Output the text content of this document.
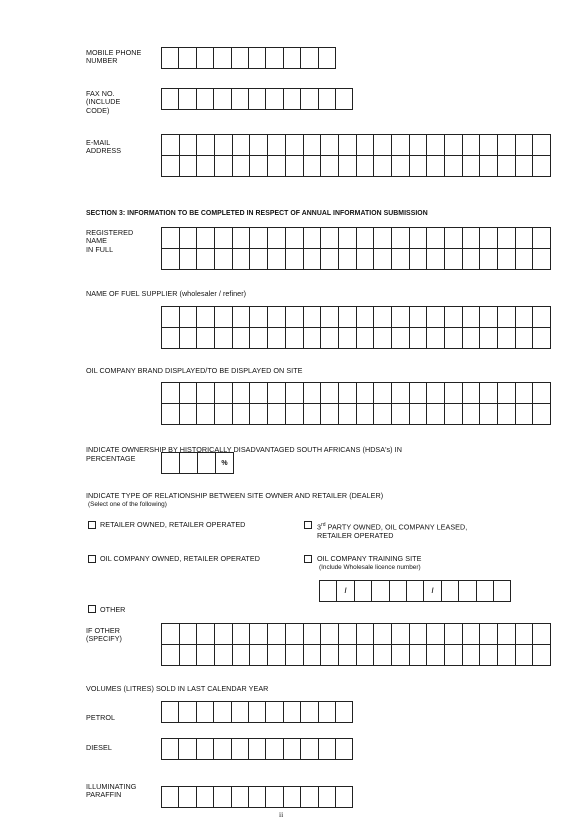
MOBILE PHONE
NUMBER
FAX NO.
(INCLUDE
CODE)
E-MAIL
ADDRESS
SECTION 3: INFORMATION TO BE COMPLETED IN RESPECT OF ANNUAL INFORMATION SUBMISSION
REGISTERED
NAME
IN FULL
NAME OF FUEL SUPPLIER (wholesaler / refiner)
OIL COMPANY BRAND DISPLAYED/TO BE DISPLAYED ON SITE
INDICATE OWNERSHIP BY HISTORICALLY DISADVANTAGED SOUTH AFRICANS (HDSA's) IN
PERCENTAGE	%
INDICATE TYPE OF RELATIONSHIP BETWEEN SITE OWNER AND RETAILER (DEALER)
(Select one of the following)
RETAILER OWNED, RETAILER OPERATED	3rd PARTY OWNED, OIL COMPANY LEASED,
RETAILER OPERATED
OIL COMPANY OWNED, RETAILER OPERATED	OIL COMPANY TRAINING SITE
(Include Wholesale licence number)
/	/
OTHER
IF OTHER
(SPECIFY)
VOLUMES (LITRES) SOLD IN LAST CALENDAR YEAR
PETROL
DIESEL
ILLUMINATING
PARAFFIN
ii
